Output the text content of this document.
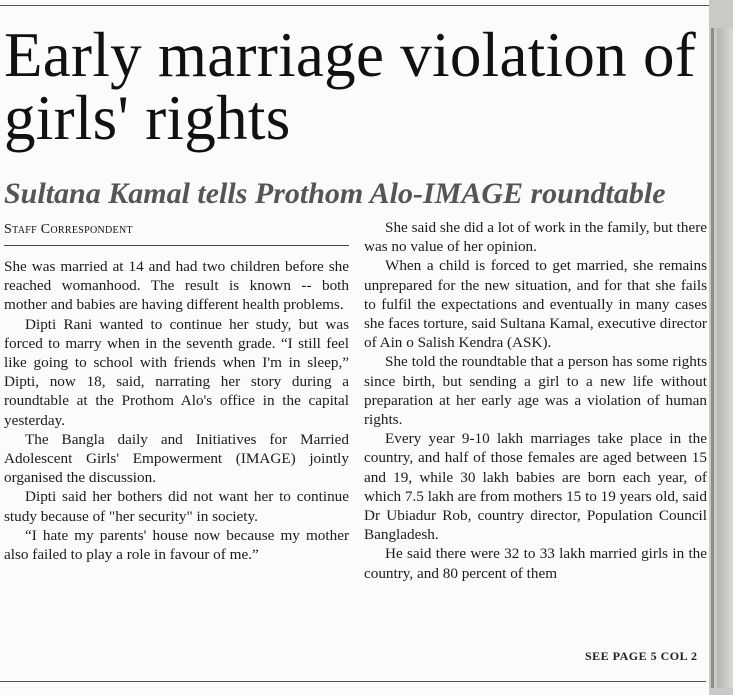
Early marriage violation of girls' rights
Sultana Kamal tells Prothom Alo-IMAGE roundtable
Staff Correspondent

She was married at 14 and had two children before she reached womanhood. The result is known -- both mother and babies are having different health problems.

Dipti Rani wanted to continue her study, but was forced to marry when in the seventh grade. “I still feel like going to school with friends when I'm in sleep,” Dipti, now 18, said, narrating her story during a roundtable at the Prothom Alo's office in the capital yesterday.

The Bangla daily and Initiatives for Married Adolescent Girls' Empowerment (IMAGE) jointly organised the discussion.

Dipti said her bothers did not want her to continue study because of "her security" in society.

“I hate my parents' house now because my mother also failed to play a role in favour of me.”

She said she did a lot of work in the family, but there was no value of her opinion.

When a child is forced to get married, she remains unprepared for the new situation, and for that she fails to fulfil the expectations and eventually in many cases she faces torture, said Sultana Kamal, executive director of Ain o Salish Kendra (ASK).

She told the roundtable that a person has some rights since birth, but sending a girl to a new life without preparation at her early age was a violation of human rights.

Every year 9-10 lakh marriages take place in the country, and half of those females are aged between 15 and 19, while 30 lakh babies are born each year, of which 7.5 lakh are from mothers 15 to 19 years old, said Dr Ubiadur Rob, country director, Population Council Bangladesh.

He said there were 32 to 33 lakh married girls in the country, and 80 percent of them

SEE PAGE 5 COL 2
